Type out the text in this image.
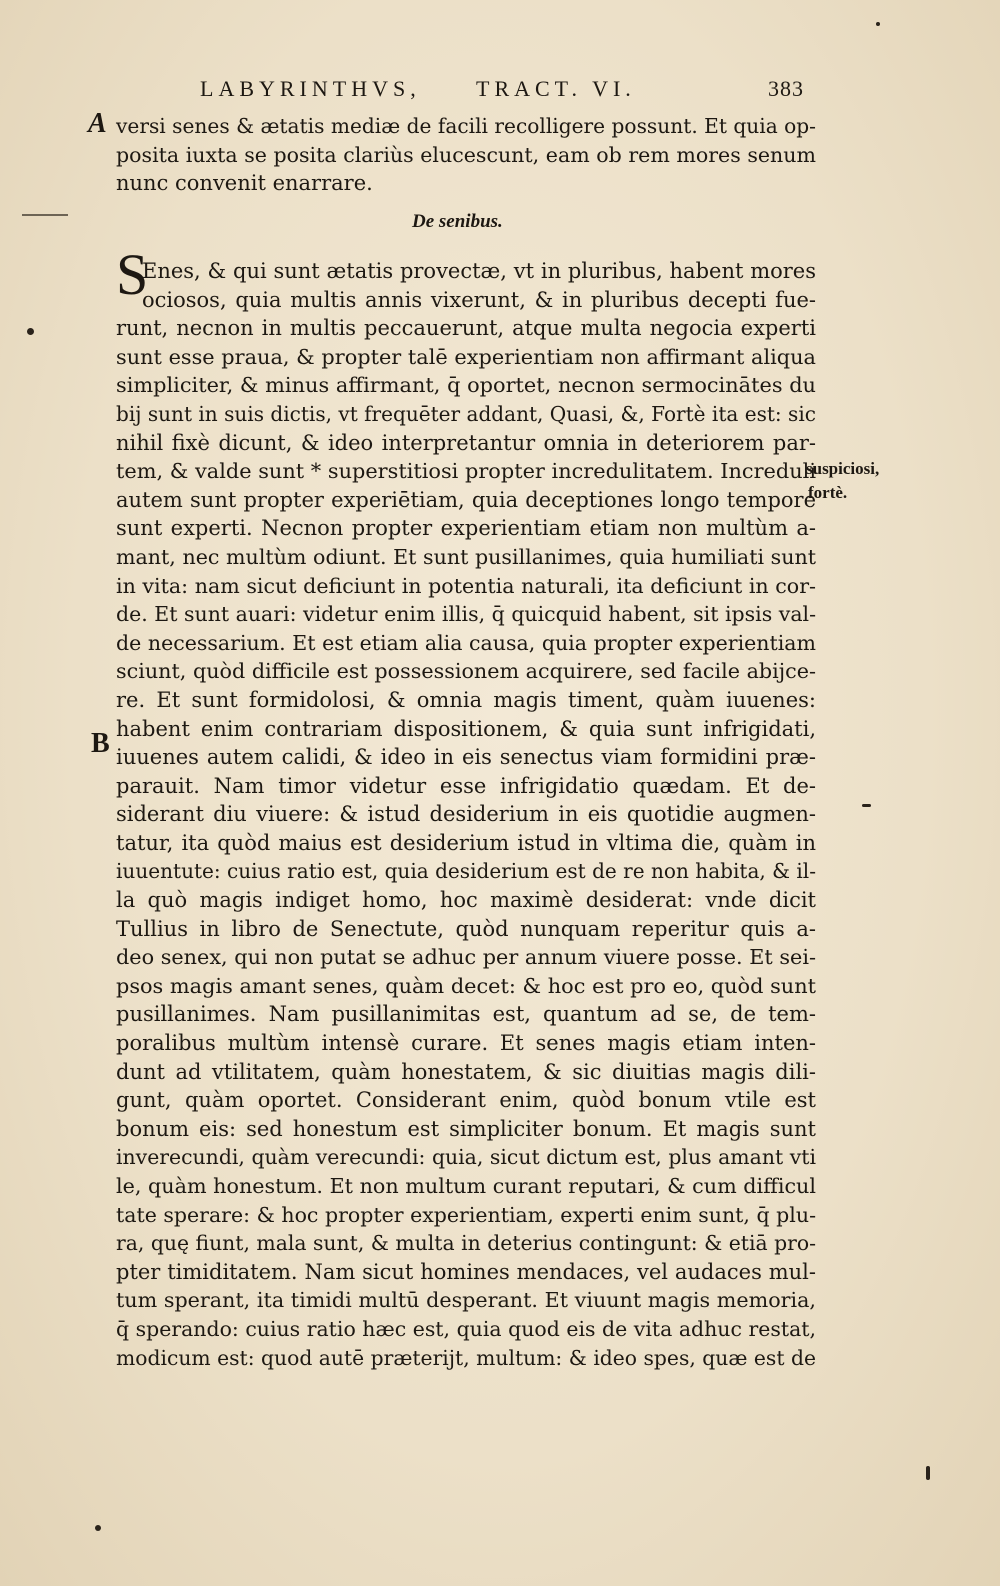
LABYRINTHVS,	TRACT. VI.	383
A
B
versi senes & ætatis mediæ de facili recolligere possunt. Et quia op-
posita iuxta se posita clariùs elucescunt, eam ob rem mores senum
nunc convenit enarrare.
De senibus.
S
Enes, & qui sunt ætatis provectæ, vt in pluribus, habent mores
ociosos, quia multis annis vixerunt, & in pluribus decepti fue-
runt, necnon in multis peccauerunt, atque multa negocia experti
sunt esse praua, & propter talē experientiam non affirmant aliqua
simpliciter, & minus affirmant, q̄ oportet, necnon sermocinātes du
bij sunt in suis dictis, vt frequēter addant, Quasi, &, Fortè ita est: sic
nihil fixè dicunt, & ideo interpretantur omnia in deteriorem par-
tem, & valde sunt * superstitiosi propter incredulitatem. Increduli
autem sunt propter experiētiam, quia deceptiones longo tempore
sunt experti. Necnon propter experientiam etiam non multùm a-
mant, nec multùm odiunt. Et sunt pusillanimes, quia humiliati sunt
in vita: nam sicut deficiunt in potentia naturali, ita deficiunt in cor-
de. Et sunt auari: videtur enim illis, q̄ quicquid habent, sit ipsis val-
de necessarium. Et est etiam alia causa, quia propter experientiam
sciunt, quòd difficile est possessionem acquirere, sed facile abijce-
re. Et sunt formidolosi, & omnia magis timent, quàm iuuenes:
habent enim contrariam dispositionem, & quia sunt infrigidati,
iuuenes autem calidi, & ideo in eis senectus viam formidini præ-
parauit. Nam timor videtur esse infrigidatio quædam. Et de-
siderant diu viuere: & istud desiderium in eis quotidie augmen-
tatur, ita quòd maius est desiderium istud in vltima die, quàm in
iuuentute: cuius ratio est, quia desiderium est de re non habita, & il-
la quò magis indiget homo, hoc maximè desiderat: vnde dicit
Tullius in libro de Senectute, quòd nunquam reperitur quis a-
deo senex, qui non putat se adhuc per annum viuere posse. Et sei-
psos magis amant senes, quàm decet: & hoc est pro eo, quòd sunt
pusillanimes. Nam pusillanimitas est, quantum ad se, de tem-
poralibus multùm intensè curare. Et senes magis etiam inten-
dunt ad vtilitatem, quàm honestatem, & sic diuitias magis dili-
gunt, quàm oportet. Considerant enim, quòd bonum vtile est
bonum eis: sed honestum est simpliciter bonum. Et magis sunt
inverecundi, quàm verecundi: quia, sicut dictum est, plus amant vti
le, quàm honestum. Et non multum curant reputari, & cum difficul
tate sperare: & hoc propter experientiam, experti enim sunt, q̄ plu-
ra, quę fiunt, mala sunt, & multa in deterius contingunt: & etiā pro-
pter timiditatem. Nam sicut homines mendaces, vel audaces mul-
tum sperant, ita timidi multū desperant. Et viuunt magis memoria,
q̄ sperando: cuius ratio hæc est, quia quod eis de vita adhuc restat,
modicum est: quod autē præterijt, multum: & ideo spes, quæ est de
suspiciosi,
fortè.
